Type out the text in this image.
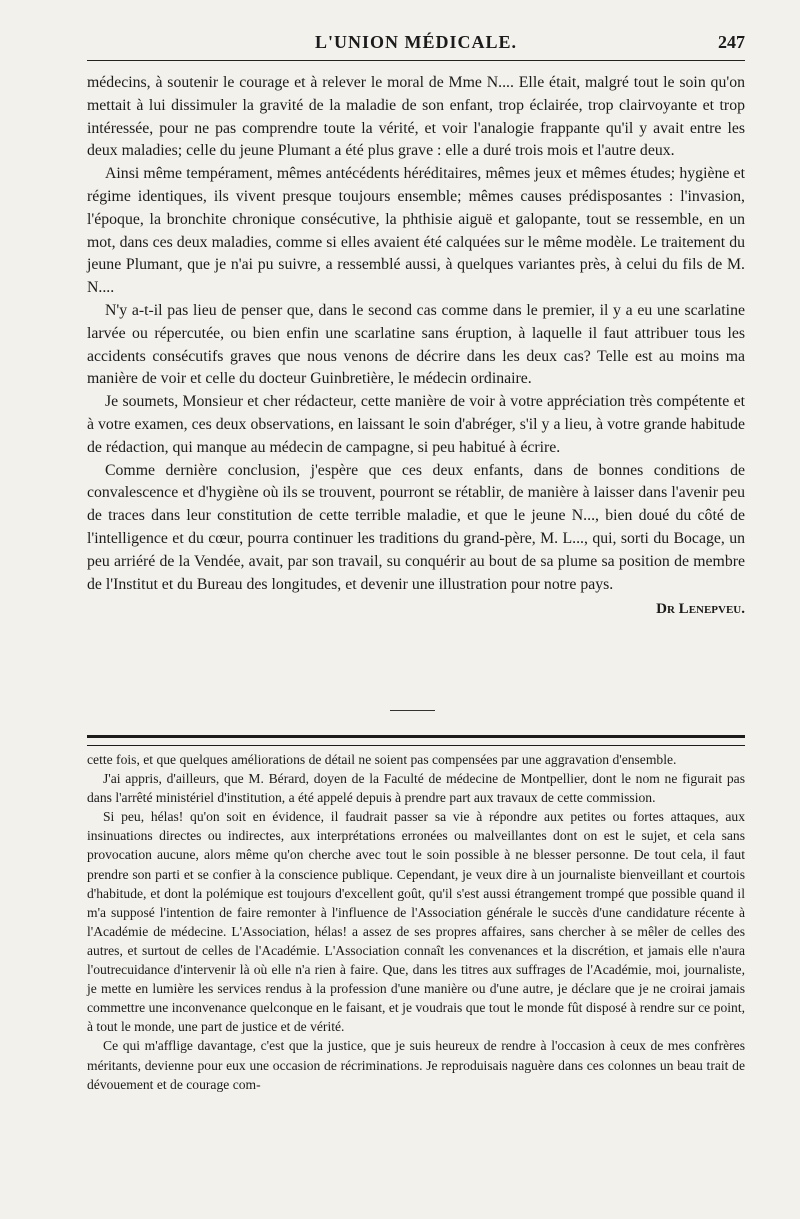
L'UNION MÉDICALE.	247

médecins, à soutenir le courage et à relever le moral de Mme N.... Elle était, malgré tout le soin qu'on mettait à lui dissimuler la gravité de la maladie de son enfant, trop éclairée, trop clairvoyante et trop intéressée, pour ne pas comprendre toute la vérité, et voir l'analogie frappante qu'il y avait entre les deux maladies; celle du jeune Plumant a été plus grave : elle a duré trois mois et l'autre deux.

Ainsi même tempérament, mêmes antécédents héréditaires, mêmes jeux et mêmes études; hygiène et régime identiques, ils vivent presque toujours ensemble; mêmes causes prédisposantes : l'invasion, l'époque, la bronchite chronique consécutive, la phthisie aiguë et galopante, tout se ressemble, en un mot, dans ces deux maladies, comme si elles avaient été calquées sur le même modèle. Le traitement du jeune Plumant, que je n'ai pu suivre, a ressemblé aussi, à quelques variantes près, à celui du fils de M. N....

N'y a-t-il pas lieu de penser que, dans le second cas comme dans le premier, il y a eu une scarlatine larvée ou répercutée, ou bien enfin une scarlatine sans éruption, à laquelle il faut attribuer tous les accidents consécutifs graves que nous venons de décrire dans les deux cas? Telle est au moins ma manière de voir et celle du docteur Guinbretière, le médecin ordinaire.

Je soumets, Monsieur et cher rédacteur, cette manière de voir à votre appréciation très compétente et à votre examen, ces deux observations, en laissant le soin d'abréger, s'il y a lieu, à votre grande habitude de rédaction, qui manque au médecin de campagne, si peu habitué à écrire.

Comme dernière conclusion, j'espère que ces deux enfants, dans de bonnes conditions de convalescence et d'hygiène où ils se trouvent, pourront se rétablir, de manière à laisser dans l'avenir peu de traces dans leur constitution de cette terrible maladie, et que le jeune N..., bien doué du côté de l'intelligence et du cœur, pourra continuer les traditions du grand-père, M. L..., qui, sorti du Bocage, un peu arriéré de la Vendée, avait, par son travail, su conquérir au bout de sa plume sa position de membre de l'Institut et du Bureau des longitudes, et devenir une illustration pour notre pays.

Dr Lenepveu.

cette fois, et que quelques améliorations de détail ne soient pas compensées par une aggravation d'ensemble.

J'ai appris, d'ailleurs, que M. Bérard, doyen de la Faculté de médecine de Montpellier, dont le nom ne figurait pas dans l'arrêté ministériel d'institution, a été appelé depuis à prendre part aux travaux de cette commission.

Si peu, hélas! qu'on soit en évidence, il faudrait passer sa vie à répondre aux petites ou fortes attaques, aux insinuations directes ou indirectes, aux interprétations erronées ou malveillantes dont on est le sujet, et cela sans provocation aucune, alors même qu'on cherche avec tout le soin possible à ne blesser personne. De tout cela, il faut prendre son parti et se confier à la conscience publique. Cependant, je veux dire à un journaliste bienveillant et courtois d'habitude, et dont la polémique est toujours d'excellent goût, qu'il s'est aussi étrangement trompé que possible quand il m'a supposé l'intention de faire remonter à l'influence de l'Association générale le succès d'une candidature récente à l'Académie de médecine. L'Association, hélas! a assez de ses propres affaires, sans chercher à se mêler de celles des autres, et surtout de celles de l'Académie. L'Association connaît les convenances et la discrétion, et jamais elle n'aura l'outrecuidance d'intervenir là où elle n'a rien à faire. Que, dans les titres aux suffrages de l'Académie, moi, journaliste, je mette en lumière les services rendus à la profession d'une manière ou d'une autre, je déclare que je ne croirai jamais commettre une inconvenance quelconque en le faisant, et je voudrais que tout le monde fût disposé à rendre sur ce point, à tout le monde, une part de justice et de vérité.

Ce qui m'afflige davantage, c'est que la justice, que je suis heureux de rendre à l'occasion à ceux de mes confrères méritants, devienne pour eux une occasion de récriminations. Je reproduisais naguère dans ces colonnes un beau trait de dévouement et de courage com-
